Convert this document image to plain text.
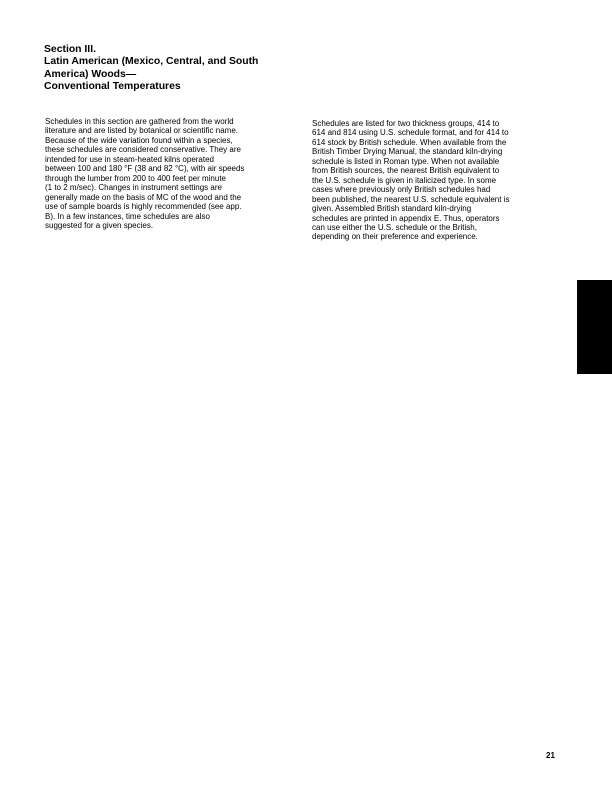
Section III.
Latin American (Mexico, Central, and South
America) Woods—
Conventional Temperatures

Schedules in this section are gathered from the world
literature and are listed by botanical or scientific name.
Because of the wide variation found within a species,
these schedules are considered conservative. They are
intended for use in steam-heated kilns operated
between 100 and 180 °F (38 and 82 °C), with air speeds
through the lumber from 200 to 400 feet per minute
(1 to 2 m/sec). Changes in instrument settings are
generally made on the basis of MC of the wood and the
use of sample boards is highly recommended (see app.
B). In a few instances, time schedules are also
suggested for a given species.

Schedules are listed for two thickness groups, 414 to
614 and 814 using U.S. schedule format, and for 414 to
614 stock by British schedule. When available from the
British Timber Drying Manual, the standard kiln-drying
schedule is listed in Roman type. When not available
from British sources, the nearest British equivalent to
the U.S. schedule is given in italicized type. In some
cases where previously only British schedules had
been published, the nearest U.S. schedule equivalent is
given. Assembled British standard kiln-drying
schedules are printed in appendix E. Thus, operators
can use either the U.S. schedule or the British,
depending on their preference and experience.

21
